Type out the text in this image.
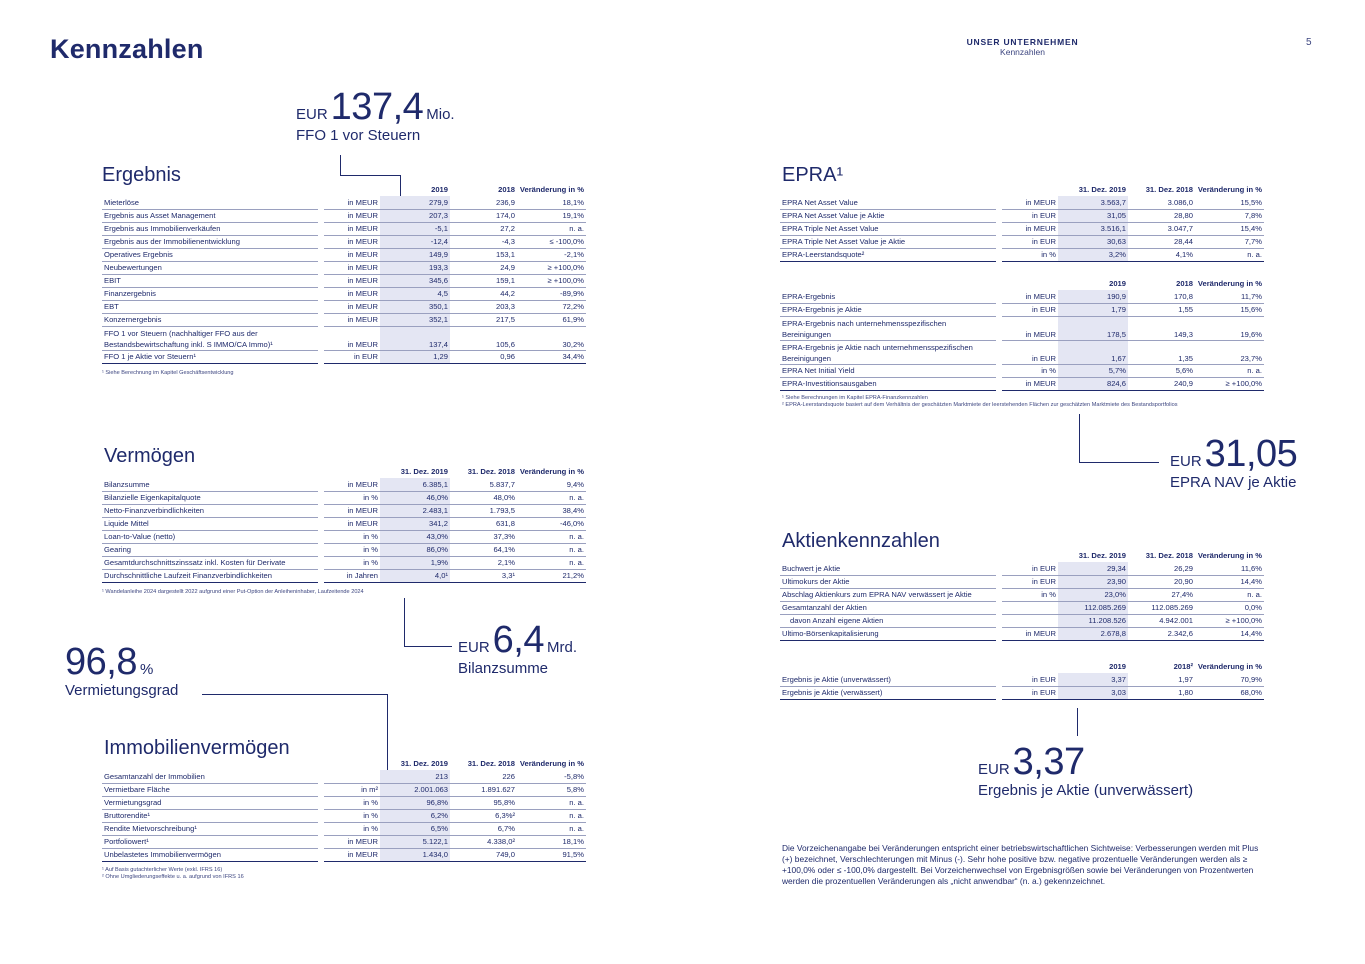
Kennzahlen	UNSER UNTERNEHMEN
Kennzahlen
5
EUR 137,4 Mio.
FFO 1 vor Steuern
Ergebnis
			2019	2018	Veränderung in %
Mieterlöse		in MEUR	279,9	236,9	18,1%
Ergebnis aus Asset Management		in MEUR	207,3	174,0	19,1%
Ergebnis aus Immobilienverkäufen		in MEUR	-5,1	27,2	n. a.
Ergebnis aus der Immobilienentwicklung		in MEUR	-12,4	-4,3	≤ -100,0%
Operatives Ergebnis		in MEUR	149,9	153,1	-2,1%
Neubewertungen		in MEUR	193,3	24,9	≥ +100,0%
EBIT		in MEUR	345,6	159,1	≥ +100,0%
Finanzergebnis		in MEUR	4,5	44,2	-89,9%
EBT		in MEUR	350,1	203,3	72,2%
Konzernergebnis		in MEUR	352,1	217,5	61,9%
FFO 1 vor Steuern (nachhaltiger FFO aus der Bestandsbewirtschaftung inkl. S IMMO/CA Immo)¹		in MEUR	137,4	105,6	30,2%
FFO 1 je Aktie vor Steuern¹		in EUR	1,29	0,96	34,4%
¹ Siehe Berechnung im Kapitel Geschäftsentwicklung
Vermögen
			31. Dez. 2019	31. Dez. 2018	Veränderung in %
Bilanzsumme		in MEUR	6.385,1	5.837,7	9,4%
Bilanzielle Eigenkapitalquote		in %	46,0%	48,0%	n. a.
Netto-Finanzverbindlichkeiten		in MEUR	2.483,1	1.793,5	38,4%
Liquide Mittel		in MEUR	341,2	631,8	-46,0%
Loan-to-Value (netto)		in %	43,0%	37,3%	n. a.
Gearing		in %	86,0%	64,1%	n. a.
Gesamtdurchschnittszinssatz inkl. Kosten für Derivate		in %	1,9%	2,1%	n. a.
Durchschnittliche Laufzeit Finanzverbindlichkeiten		in Jahren	4,0¹	3,3¹	21,2%
¹ Wandelanleihe 2024 dargestellt 2022 aufgrund einer Put-Option der Anleiheninhaber, Laufzeitende 2024
EUR 6,4 Mrd.
Bilanzsumme
96,8 %
Vermietungsgrad
Immobilienvermögen
			31. Dez. 2019	31. Dez. 2018	Veränderung in %
Gesamtanzahl der Immobilien			213	226	-5,8%
Vermietbare Fläche		in m²	2.001.063	1.891.627	5,8%
Vermietungsgrad		in %	96,8%	95,8%	n. a.
Bruttorendite¹		in %	6,2%	6,3%²	n. a.
Rendite Mietvorschreibung¹		in %	6,5%	6,7%	n. a.
Portfoliowert¹		in MEUR	5.122,1	4.338,0²	18,1%
Unbelastetes Immobilienvermögen		in MEUR	1.434,0	749,0	91,5%
¹ Auf Basis gutachterlicher Werte (exkl. IFRS 16)
² Ohne Umgliederungseffekte u. a. aufgrund von IFRS 16
EPRA¹
			31. Dez. 2019	31. Dez. 2018	Veränderung in %
EPRA Net Asset Value		in MEUR	3.563,7	3.086,0	15,5%
EPRA Net Asset Value je Aktie		in EUR	31,05	28,80	7,8%
EPRA Triple Net Asset Value		in MEUR	3.516,1	3.047,7	15,4%
EPRA Triple Net Asset Value je Aktie		in EUR	30,63	28,44	7,7%
EPRA-Leerstandsquote²		in %	3,2%	4,1%	n. a.
			2019	2018	Veränderung in %
EPRA-Ergebnis		in MEUR	190,9	170,8	11,7%
EPRA-Ergebnis je Aktie		in EUR	1,79	1,55	15,6%
EPRA-Ergebnis nach unternehmensspezifischen Bereinigungen		in MEUR	178,5	149,3	19,6%
EPRA-Ergebnis je Aktie nach unternehmensspezifischen Bereinigungen		in EUR	1,67	1,35	23,7%
EPRA Net Initial Yield		in %	5,7%	5,6%	n. a.
EPRA-Investitionsausgaben		in MEUR	824,6	240,9	≥ +100,0%
¹ Siehe Berechnungen im Kapitel EPRA-Finanzkennzahlen
² EPRA-Leerstandsquote basiert auf dem Verhältnis der geschätzten Marktmiete der leerstehenden Flächen zur geschätzten Marktmiete des Bestandsportfolios
EUR 31,05
EPRA NAV je Aktie
Aktienkennzahlen
			31. Dez. 2019	31. Dez. 2018	Veränderung in %
Buchwert je Aktie		in EUR	29,34	26,29	11,6%
Ultimokurs der Aktie		in EUR	23,90	20,90	14,4%
Abschlag Aktienkurs zum EPRA NAV verwässert je Aktie		in %	23,0%	27,4%	n. a.
Gesamtanzahl der Aktien			112.085.269	112.085.269	0,0%
davon Anzahl eigene Aktien			11.208.526	4.942.001	≥ +100,0%
Ultimo-Börsenkapitalisierung		in MEUR	2.678,8	2.342,6	14,4%
			2019	2018²	Veränderung in %
Ergebnis je Aktie (unverwässert)		in EUR	3,37	1,97	70,9%
Ergebnis je Aktie (verwässert)		in EUR	3,03	1,80	68,0%
EUR 3,37
Ergebnis je Aktie (unverwässert)
Die Vorzeichenangabe bei Veränderungen entspricht einer betriebswirtschaftlichen Sichtweise: Verbesserungen werden mit Plus (+) bezeichnet, Verschlechterungen mit Minus (-). Sehr hohe positive bzw. negative prozentuelle Veränderungen werden als ≥ +100,0% oder ≤ -100,0% dargestellt. Bei Vorzeichenwechsel von Ergebnisgrößen sowie bei Veränderungen von Prozentwerten werden die prozentuellen Veränderungen als „nicht anwendbar“ (n. a.) gekennzeichnet.
